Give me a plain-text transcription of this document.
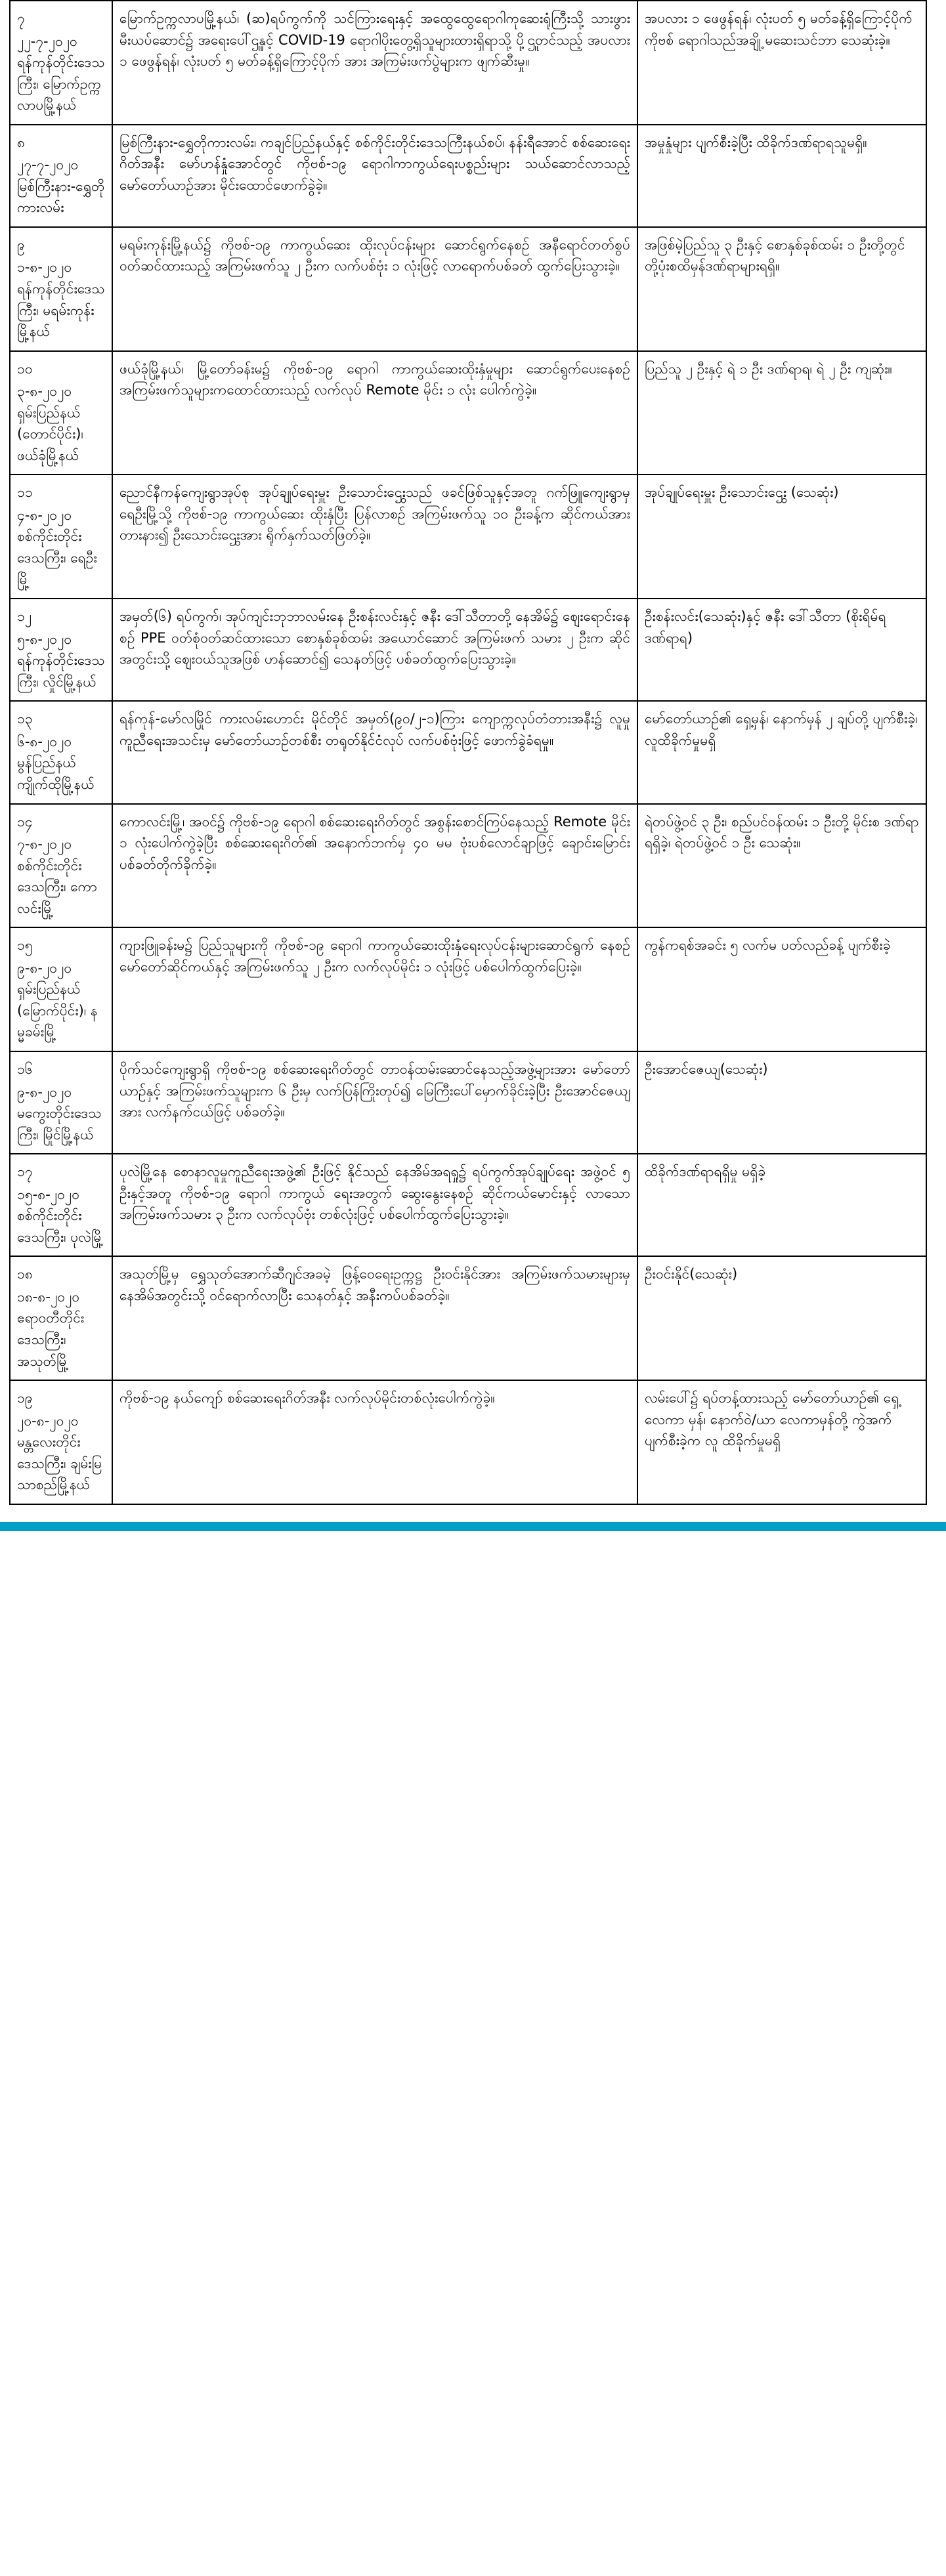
၇
၂၂-၇-၂၀၂၀
ရန်ကုန်တိုင်းဒေသကြီး၊ မြောက်ဥက္ကလာပမြို့နယ်
	မြောက်ဥက္ကလာပမြို့နယ်၊ (ဆ)ရပ်ကွက်ကို သင်ကြားရေးနှင့် အထွေထွေရောဂါကုဆေးရုံကြီးသို့ သားဖွား မီးယပ်ဆောင်၌ အရေးပေါ်ဌူနှင့် COVID-19 ရောဂါပိုးတွေ့ရှိသူများထားရှိရာသို့ ပို့ဌူတင်သည့် အပလား ၁ ဖေဖွန်ရန်၊ လုံးပတ် ၅ မတ်ခန့်ရှိကြောင့်ပိုက် အား အကြမ်းဖက်ပွဲများက ဖျက်ဆီးမှု။	အပလား ၁ ဖေဖွန်ရန်၊ လုံးပတ် ၅ မတ်ခန့်ရှိကြောင့်ပိုက် ကိုဗစ် ရောဂါသည်အချို့ မဆေးသင်ဘာ သေဆုံးခဲ့။

၈
၂၇-၇-၂၀၂၀
မြစ်ကြီးနား-ရွှေတိုကားလမ်း
	မြစ်ကြီးနား-ရွှေတိုကားလမ်း၊ ကချင်ပြည်နယ်နှင့် စစ်ကိုင်းတိုင်းဒေသကြီးနယ်စပ်၊ နန်းရီအောင် စစ်ဆေးရေးဂိတ်အနီး မော်ဟန်နှုံအောင်တွင် ကိုဗစ်-၁၉ ရောဂါကာကွယ်ရေးပစ္စည်းများ သယ်ဆောင်လာသည့် မော်တော်ယာဉ်အား မိုင်းထောင်ဖောက်ခွဲခဲ့။	အမှုနှုံများ ပျက်စီးခဲ့ပြီး ထိခိုက်ဒဏ်ရာရသူမရှိ။

၉
၁-၈-၂၀၂၀
ရန်ကုန်တိုင်းဒေသကြီး၊ မရမ်းကုန်းမြို့နယ်	မရမ်းကုန်းမြို့နယ်၌ ကိုဗစ်-၁၉ ကာကွယ်ဆေး ထိုးလုပ်ငန်းများ ဆောင်ရွက်နေစဉ် အနီရောင်တတ်စွပ်ဝတ်ဆင်ထားသည့် အကြမ်းဖက်သူ ၂ ဦးက လက်ပစ်ဗုံး ၁ လုံးဖြင့် လာရောက်ပစ်ခတ် ထွက်ပြေးသွားခဲ့။	အဖြစ်မဲ့ပြည်သူ ၃ ဦးနှင့် စောနှစ်ခုစ်ထမ်း ၁ ဦးတို့တွင် တို့ပုံးစထိမှန်ဒဏ်ရာများရရှိ။

၁၀
၃-၈-၂၀၂၀
ရှမ်းပြည်နယ် (တောင်ပိုင်း)၊ ဖယ်ခုံမြို့နယ်	ဖယ်ခုံမြို့နယ်၊ မြို့တော်ခန်းမ၌ ကိုဗစ်-၁၉ ရောဂါ ကာကွယ်ဆေးထိုးနှံမှုများ ဆောင်ရွက်ပေးနေစဉ် အကြမ်းဖက်သူများကထောင်ထားသည့် လက်လုပ် Remote မိုင်း ၁ လုံး ပေါက်ကွဲခဲ့။	ပြည်သူ ၂ ဦးနှင့် ရဲ ၁ ဦး ဒဏ်ရာရ၊ ရဲ ၂ ဦး ကျဆုံး။

၁၁
၄-၈-၂၀၂၀
စစ်ကိုင်းတိုင်းဒေသကြီး၊ ရေဦးမြို့
	ညောင်နီကန်ကျေးရွာအုပ်စု အုပ်ချုပ်ရေးမှူး ဦးသောင်းဌွေးသည် ဖခင်ဖြစ်သူနှင့်အတူ ဂက်ဖြူကျေးရွာမှ ရေဦးမြို့သို့ ကိုဗစ်-၁၉ ကာကွယ်ဆေး ထိုးနှံပြီး ပြန်လာစဉ် အကြမ်းဖက်သူ ၁၀ ဦးခန့်က ဆိုင်ကယ်အားတားနား၍ ဦးသောင်းဌွေးအား ရိုက်နှက်သတ်ဖြတ်ခဲ့။	အုပ်ချုပ်ရေးမှူး ဦးသောင်းဌွေး (သေဆုံး)

၁၂
၅-၈-၂၀၂၀
ရန်ကုန်တိုင်းဒေသကြီး၊ လှိုင်မြို့နယ်
	အမှတ်(၆) ရပ်ကွက်၊ အုပ်ကျင်းဘုဘာလမ်းနေ ဦးစန်းလင်းနှင့် ဇနီး ဒေါ်သီတာတို့ နေအိမ်၌ ဈေးရောင်းနေစဉ် PPE ဝတ်စုံဝတ်ဆင်ထားသော စောနှစ်ခုစ်ထမ်း အယောင်ဆောင် အကြမ်းဖက် သမား ၂ ဦးက ဆိုင်အတွင်းသို့ ဈေးဝယ်သူအဖြစ် ဟန်ဆောင်၍ သေနတ်ဖြင့် ပစ်ခတ်ထွက်ပြေးသွားခဲ့။	ဦးစန်းလင်း(သေဆုံး)နှင့် ဇနီး ဒေါ်သီတာ (စိုးရိမ်ရဒဏ်ရာရ)

၁၃
၆-၈-၂၀၂၀
မွန်ပြည်နယ် ကျိုက်ထိုမြို့နယ်	ရန်ကုန်-မော်လမြိုင် ကားလမ်းဟောင်း မိုင်တိုင် အမှတ်(၉၀/၂-၁)ကြား ကျောက္ကလုပ်တံတားအနီး၌ လူမှုကူညီရေးအသင်းမှ မော်တော်ယာဉ်တစ်စီး တရုတ်နိုင်ငံလုပ် လက်ပစ်ဗုံးဖြင့် ဖောက်ခွဲခံရမှု။	မော်တော်ယာဉ်၏ ရှေ့မှန်၊ နောက်မှန် ၂ ချပ်တို့ ပျက်စီးခဲ့၊ လူထိခိုက်မှုမရှိ

၁၄
၇-၈-၂၀၂၀
စစ်ကိုင်းတိုင်းဒေသကြီး၊ ကောလင်းမြို့	ကောလင်းမြို့၊ အဝင်၌ ကိုဗစ်-၁၉ ရောဂါ စစ်ဆေးရေးဂိတ်တွင် အစွန်းစောင်ကြပ်နေသည့် Remote မိုင်း ၁ လုံးပေါက်ကွဲခဲ့ပြီး စစ်ဆေးရေးဂိတ်၏ အနောက်ဘက်မှ ၄၀ မမ ဗုံးပစ်လောင်ချာဖြင့် ချောင်းမြောင်းပစ်ခတ်တိုက်ခိုက်ခဲ့။	ရဲတပ်ဖွဲ့ဝင် ၃ ဦး၊ စည်ပင်ဝန်ထမ်း ၁ ဦးတို့ မိုင်းစ ဒဏ်ရာရရှိခဲ့၊ ရဲတပ်ဖွဲ့ဝင် ၁ ဦး သေဆုံး။

၁၅
၉-၈-၂၀၂၀
ရှမ်းပြည်နယ် (မြောက်ပိုင်း)၊ နမ္မခမ်းမြို့	ကျားဖြူခန်းမ၌ ပြည်သူများကို ကိုဗစ်-၁၉ ရောဂါ ကာကွယ်ဆေးထိုးနှံရေးလုပ်ငန်းများဆောင်ရွက် နေစဉ် မော်တော်ဆိုင်ကယ်နှင့် အကြမ်းဖက်သူ ၂ ဦးက လက်လုပ်မိုင်း ၁ လုံးဖြင့် ပစ်ပေါက်ထွက်ပြေးခဲ့။	ကွန်ကရစ်အခင်း ၅ လက်မ ပတ်လည်ခန့် ပျက်စီးခဲ့

၁၆
၉-၈-၂၀၂၀
မကွေးတိုင်းဒေသကြီး၊ မြိုင်မြို့နယ်
	ပိုက်သင်ကျေးရွာရှိ ကိုဗစ်-၁၉ စစ်ဆေးရေးဂိတ်တွင် တာဝန်ထမ်းဆောင်နေသည့်အဖွဲ့များအား မော်တော် ယာဉ်နှင့် အကြမ်းဖက်သူများက ၆ ဦးမှ လက်ပြန်ကြိုးတုပ်၍ မြေကြီးပေါ်မှောက်ခိုင်းခဲ့ပြီး ဦးအောင်ဇေယျ အား လက်နက်ငယ်ဖြင့် ပစ်ခတ်ခဲ့။	ဦးအောင်ဇေယျ(သေဆုံး)

၁၇
၁၅-၈-၂၀၂၀
စစ်ကိုင်းတိုင်းဒေသကြီး၊ ပုလဲမြို့
	ပုလဲမြို့နေ စောနာလူမှုကူညီရေးအဖွဲ့၏ ဦးဖြင့် နိုင်သည် နေအိမ်အရရှု၌ ရပ်ကွက်အုပ်ချုပ်ရေး အဖွဲ့ဝင် ၅ ဦးနှင့်အတူ ကိုဗစ်-၁၉ ရောဂါ ကာကွယ် ရေးအတွက် ဆွေးနွေးနေစဉ် ဆိုင်ကယ်မောင်းနှင့် လာသော အကြမ်းဖက်သမား ၃ ဦးက လက်လုပ်ဗုံး တစ်လုံးဖြင့် ပစ်ပေါက်ထွက်ပြေးသွားခဲ့။	ထိခိုက်ဒဏ်ရာရရှိမှု မရှိခဲ့

၁၈
၁၈-၈-၂၀၂၀
ဧရာဝတီတိုင်းဒေသကြီး၊ အသုတ်မြို့	အသုတ်မြို့မှ ရွှေသုတ်အောက်ဆီဂျင်အခမဲ့ ဖြန့်ဝေရေးဥက္ကဋ္ဌ ဦးဝင်းနိုင်အား အကြမ်းဖက်သမားများမှ နေအိမ်အတွင်းသို့ ဝင်ရောက်လာပြီး သေနတ်နှင့် အနီးကပ်ပစ်ခတ်ခဲ့။	ဦးဝင်းနိုင်(သေဆုံး)

၁၉
၂၀-၈-၂၀၂၀
မန္တလေးတိုင်းဒေသကြီး၊ ချမ်းမြသာစည်မြို့နယ်	ကိုဗစ်-၁၉ နယ်ကျော် စစ်ဆေးရေးဂိတ်အနီး လက်လုပ်မိုင်းတစ်လုံးပေါက်ကွဲခဲ့။	လမ်းပေါ်၌ ရပ်တန့်ထားသည့် မော်တော်ယာဉ်၏ ရှေ့လေကာ မှန်၊ နောက်ဝဲ/ယာ လေကာမှန်တို့ ကွဲအက်ပျက်စီးခဲ့က လူ ထိခိုက်မှုမရှိ
